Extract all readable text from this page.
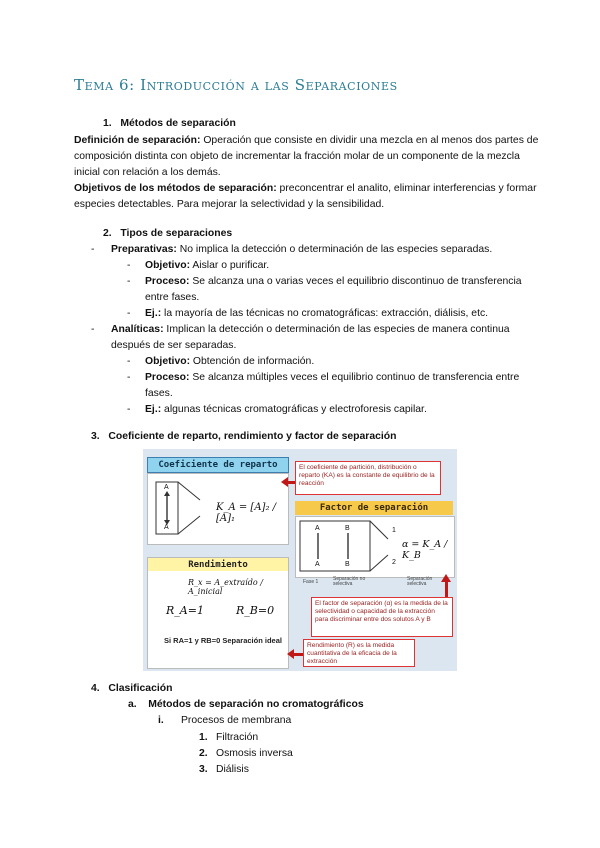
Tema 6: Introducción a las Separaciones
1. Métodos de separación
Definición de separación: Operación que consiste en dividir una mezcla en al menos dos partes de
composición distinta con objeto de incrementar la fracción molar de un componente de la mezcla
inicial con relación a los demás.
Objetivos de los métodos de separación: preconcentrar el analito, eliminar interferencias y formar
especies detectables. Para mejorar la selectividad y la sensibilidad.
2. Tipos de separaciones
- Preparativas: No implica la detección o determinación de las especies separadas.
- Objetivo: Aislar o purificar.
- Proceso: Se alcanza una o varias veces el equilibrio discontinuo de transferencia
entre fases.
- Ej.: la mayoría de las técnicas no cromatográficas: extracción, diálisis, etc.
- Analíticas: Implican la detección o determinación de las especies de manera continua
después de ser separadas.
- Objetivo: Obtención de información.
- Proceso: Se alcanza múltiples veces el equilibrio continuo de transferencia entre
fases.
- Ej.: algunas técnicas cromatográficas y electroforesis capilar.
3. Coeficiente de reparto, rendimiento y factor de separación
Coeficiente de reparto
A
A
K_A = [A]₂ / [A]₁
El coeficiente de partición, distribución o reparto (KA) es la constante de equilibrio de la reacción
Factor de separación
A	B
A	B
1
2
α = K_A / K_B
Fase 1	Separación no selectiva
Separación selectiva
El factor de separación (α) es la medida de la selectividad o capacidad de la extracción para discriminar entre dos solutos A y B
Rendimiento
R_x = A_extraído / A_inicial
R_A=1	R_B=0
Si RA=1 y RB=0 Separación ideal
Rendimiento (R) es la medida cuantitativa de la eficacia de la extracción
4. Clasificación
a. Métodos de separación no cromatográficos
i. Procesos de membrana
1. Filtración
2. Osmosis inversa
3. Diálisis
